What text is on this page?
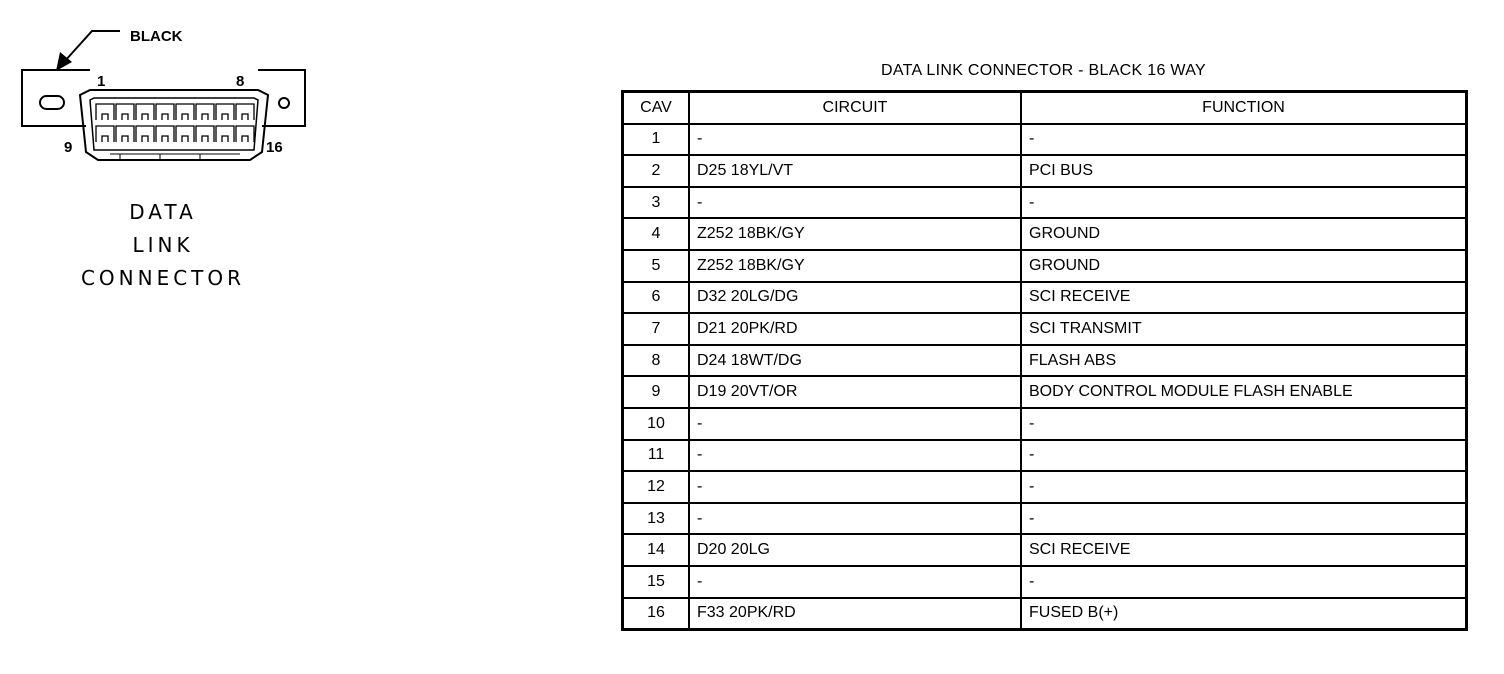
BLACK
1	8
9	16
DATA
LINK
CONNECTOR
DATA LINK CONNECTOR - BLACK 16 WAY
CAV	CIRCUIT	FUNCTION
1	-	-
2	D25 18YL/VT	PCI BUS
3	-	-
4	Z252 18BK/GY	GROUND
5	Z252 18BK/GY	GROUND
6	D32 20LG/DG	SCI RECEIVE
7	D21 20PK/RD	SCI TRANSMIT
8	D24 18WT/DG	FLASH ABS
9	D19 20VT/OR	BODY CONTROL MODULE FLASH ENABLE
10	-	-
11	-	-
12	-	-
13	-	-
14	D20 20LG	SCI RECEIVE
15	-	-
16	F33 20PK/RD	FUSED B(+)
